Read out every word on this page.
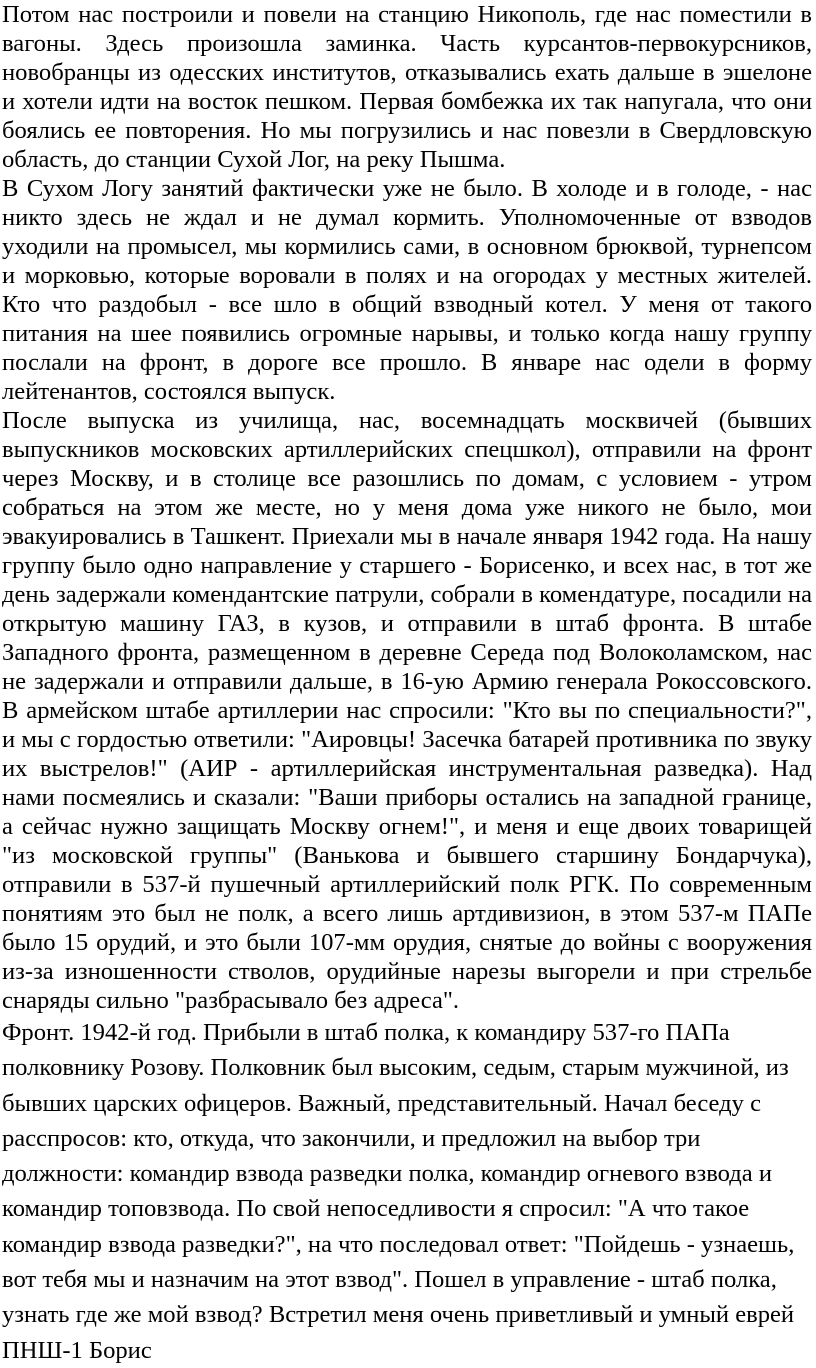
Потом нас построили и повели на станцию Никополь, где нас поместили в вагоны. Здесь произошла заминка. Часть курсантов-первокурсников, новобранцы из одесских институтов, отказывались ехать дальше в эшелоне и хотели идти на восток пешком. Первая бомбежка их так напугала, что они боялись ее повторения. Но мы погрузились и нас повезли в Свердловскую область, до станции Сухой Лог, на реку Пышма.

В Сухом Логу занятий фактически уже не было. В холоде и в голоде, - нас никто здесь не ждал и не думал кормить. Уполномоченные от взводов уходили на промысел, мы кормились сами, в основном брюквой, турнепсом и морковью, которые воровали в полях и на огородах у местных жителей. Кто что раздобыл - все шло в общий взводный котел. У меня от такого питания на шее появились огромные нарывы, и только когда нашу группу послали на фронт, в дороге все прошло. В январе нас одели в форму лейтенантов, состоялся выпуск.

После выпуска из училища, нас, восемнадцать москвичей (бывших выпускников московских артиллерийских спецшкол), отправили на фронт через Москву, и в столице все разошлись по домам, с условием - утром собраться на этом же месте, но у меня дома уже никого не было, мои эвакуировались в Ташкент. Приехали мы в начале января 1942 года. На нашу группу было одно направление у старшего - Борисенко, и всех нас, в тот же день задержали комендантские патрули, собрали в комендатуре, посадили на открытую машину ГАЗ, в кузов, и отправили в штаб фронта. В штабе Западного фронта, размещенном в деревне Середа под Волоколамском, нас не задержали и отправили дальше, в 16-ую Армию генерала Рокоссовского. В армейском штабе артиллерии нас спросили: "Кто вы по специальности?", и мы с гордостью ответили: "Аировцы! Засечка батарей противника по звуку их выстрелов!" (АИР - артиллерийская инструментальная разведка). Над нами посмеялись и сказали: "Ваши приборы остались на западной границе, а сейчас нужно защищать Москву огнем!", и меня и еще двоих товарищей "из московской группы" (Ванькова и бывшего старшину Бондарчука), отправили в 537-й пушечный артиллерийский полк РГК. По современным понятиям это был не полк, а всего лишь артдивизион, в этом 537-м ПАПе было 15 орудий, и это были 107-мм орудия, снятые до войны с вооружения из-за изношенности стволов, орудийные нарезы выгорели и при стрельбе снаряды сильно "разбрасывало без адреса".

Фронт. 1942-й год. Прибыли в штаб полка, к командиру 537-го ПАПа полковнику Розову. Полковник был высоким, седым, старым мужчиной, из бывших царских офицеров. Важный, представительный. Начал беседу с расспросов: кто, откуда, что закончили, и предложил на выбор три должности: командир взвода разведки полка, командир огневого взвода и командир топовзвода. По свой непоседливости я спросил: "А что такое командир взвода разведки?", на что последовал ответ: "Пойдешь - узнаешь, вот тебя мы и назначим на этот взвод". Пошел в управление - штаб полка, узнать где же мой взвод? Встретил меня очень приветливый и умный еврей ПНШ-1 Борис
